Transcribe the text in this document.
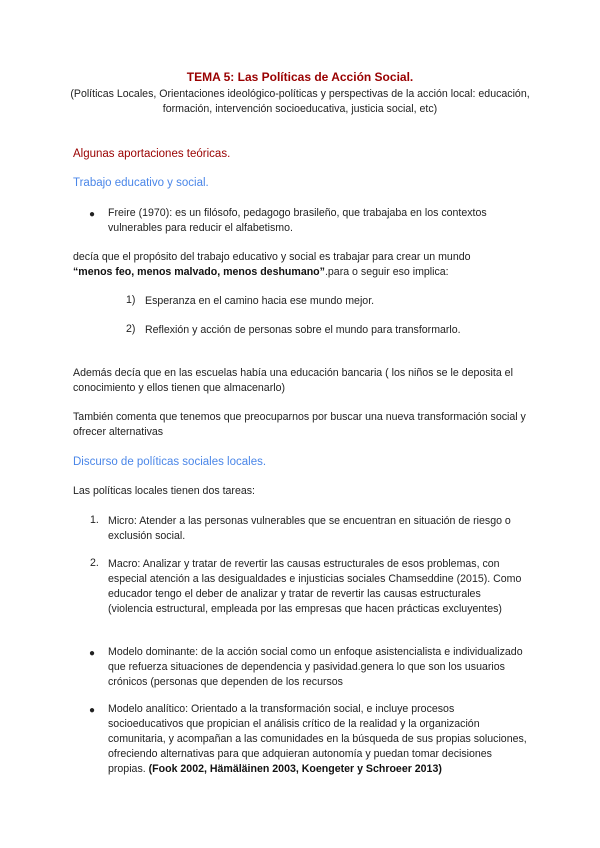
TEMA 5: Las Políticas de Acción Social.
(Políticas Locales, Orientaciones ideológico-políticas y perspectivas de la acción local: educación, formación, intervención socioeducativa, justicia social, etc)
Algunas aportaciones teóricas.
Trabajo educativo y social.
● Freire (1970): es un filósofo, pedagogo brasileño, que trabajaba en los contextos vulnerables para reducir el alfabetismo.
decía que el propósito del trabajo educativo y social es trabajar para crear un mundo
“menos feo, menos malvado, menos deshumano”.para o seguir eso implica:
1) Esperanza en el camino hacia ese mundo mejor.
2) Reflexión y acción de personas sobre el mundo para transformarlo.
Además decía que en las escuelas había una educación bancaria ( los niños se le deposita el conocimiento y ellos tienen que almacenarlo)
También comenta que tenemos que preocuparnos por buscar una nueva transformación social y ofrecer alternativas
Discurso de políticas sociales locales.
Las políticas locales tienen dos tareas:
1. Micro: Atender a las personas vulnerables que se encuentran en situación de riesgo o exclusión social.
2. Macro: Analizar y tratar de revertir las causas estructurales de esos problemas, con especial atención a las desigualdades e injusticias sociales Chamseddine (2015). Como educador tengo el deber de analizar y tratar de revertir las causas estructurales (violencia estructural, empleada por las empresas que hacen prácticas excluyentes)
● Modelo dominante: de la acción social como un enfoque asistencialista e individualizado que refuerza situaciones de dependencia y pasividad.genera lo que son los usuarios crónicos (personas que dependen de los recursos
● Modelo analítico: Orientado a la transformación social, e incluye procesos socioeducativos que propician el análisis crítico de la realidad y la organización comunitaria, y acompañan a las comunidades en la búsqueda de sus propias soluciones, ofreciendo alternativas para que adquieran autonomía y puedan tomar decisiones propias. (Fook 2002, Hämäläinen 2003, Koengeter y Schroeer 2013)
